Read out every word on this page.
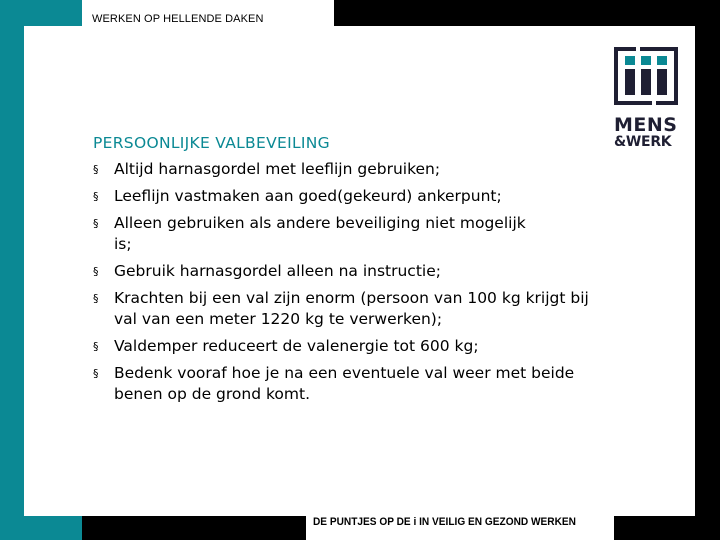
WERKEN OP HELLENDE DAKEN
PERSOONLIJKE VALBEVEILING
§ Altijd harnasgordel met leeflijn gebruiken;
§ Leeflijn vastmaken aan goed(gekeurd) ankerpunt;
§ Alleen gebruiken als andere beveiliging niet mogelijk is;
§ Gebruik harnasgordel alleen na instructie;
§ Krachten bij een val zijn enorm (persoon van 100 kg krijgt bij val van een meter 1220 kg te verwerken);
§ Valdemper reduceert de valenergie tot 600 kg;
§ Bedenk vooraf hoe je na een eventuele val weer met beide benen op de grond komt.
MENS
&WERK
DE PUNTJES OP DE i IN VEILIG EN GEZOND WERKEN
